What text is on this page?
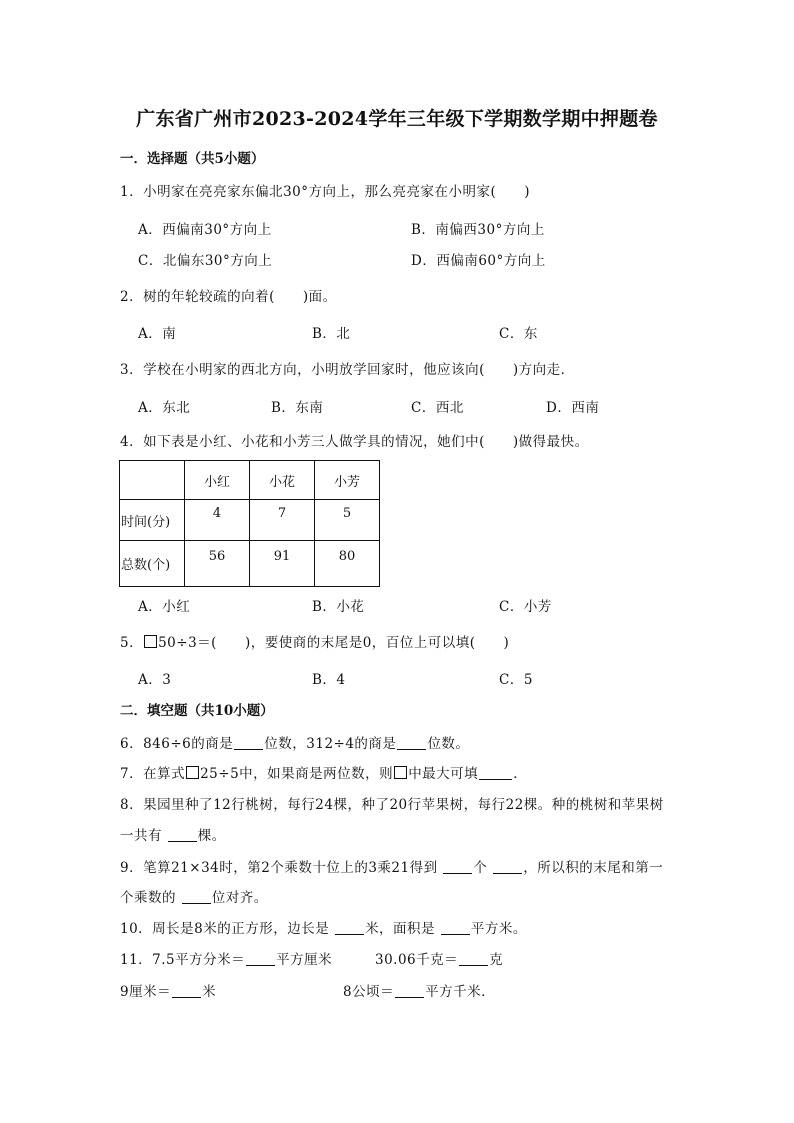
广东省广州市2023-2024学年三年级下学期数学期中押题卷
一．选择题（共5小题）
1．小明家在亮亮家东偏北30°方向上，那么亮亮家在小明家(　　)
A．西偏南30°方向上	B．南偏西30°方向上
C．北偏东30°方向上	D．西偏南60°方向上
2．树的年轮较疏的向着(　　)面。
A．南	B．北	C．东
3．学校在小明家的西北方向，小明放学回家时，他应该向(　　)方向走．
A．东北	B．东南	C．西北	D．西南
4．如下表是小红、小花和小芳三人做学具的情况，她们中(　　)做得最快。
	小红	小花	小芳
时间(分)	4	7	5

总数(个)	56	91	80
A．小红	B．小花	C．小芳
5． 50÷3＝(　　)，要使商的末尾是0，百位上可以填(　　)
A．3	B．4	C．5
二．填空题（共10小题）
6．846÷6的商是 位数，312÷4的商是 位数。
7．在算式 25÷5中，如果商是两位数，则 中最大可填	．
8．果园里种了12行桃树，每行24棵，种了20行苹果树，每行22棵。种的桃树和苹果树
一共有 棵。
9．笔算21×34时，第2个乘数十位上的3乘21得到 个 ，所以积的末尾和第一
个乘数的 位对齐。
10．周长是8米的正方形，边长是 米，面积是 平方米。
11．7.5平方分米＝ 平方厘米	30.06千克＝ 克
9厘米＝ 米	8公顷＝ 平方千米．
